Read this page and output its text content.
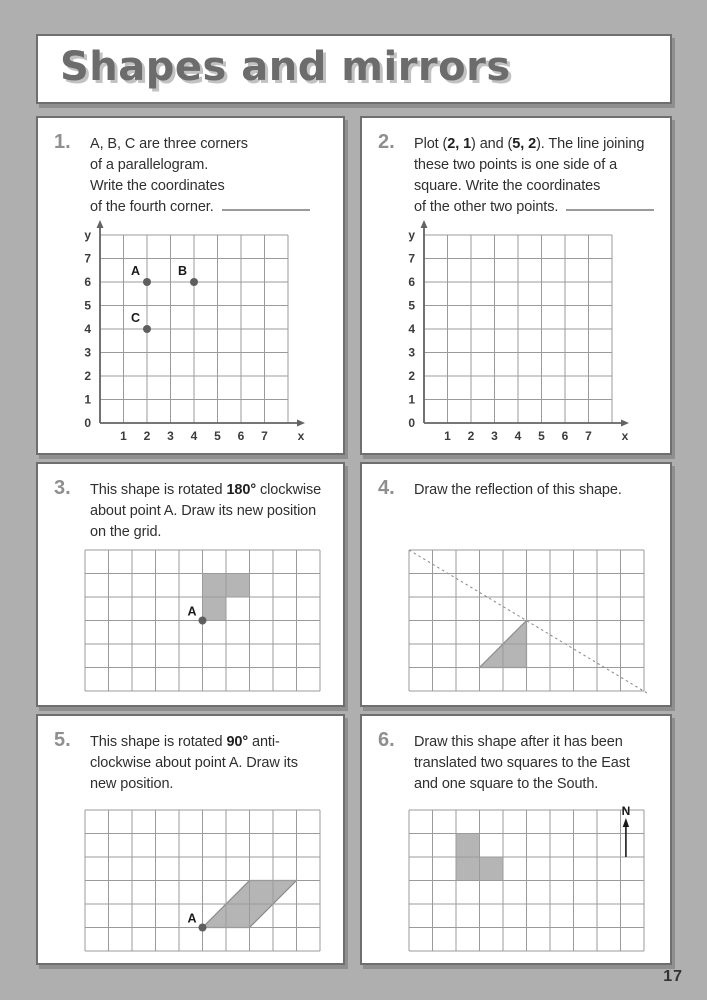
Shapes and mirrors
1. A, B, C are three corners
of a parallelogram.
Write the coordinates
of the fourth corner.
y
0
1
2
3
4
5
6
7
1 2 3 4 5 6 7 x
A	B
C
2. Plot (2, 1) and (5, 2). The line joining
these two points is one side of a
square. Write the coordinates
of the other two points.
y
0
1
2
3
4
5
6
7
1 2 3 4 5 6 7 x
3. This shape is rotated 180° clockwise
about point A. Draw its new position
on the grid.
A
4. Draw the reflection of this shape.
5. This shape is rotated 90° anti-
clockwise about point A. Draw its
new position.
A
6. Draw this shape after it has been
translated two squares to the East
and one square to the South.
N
17
